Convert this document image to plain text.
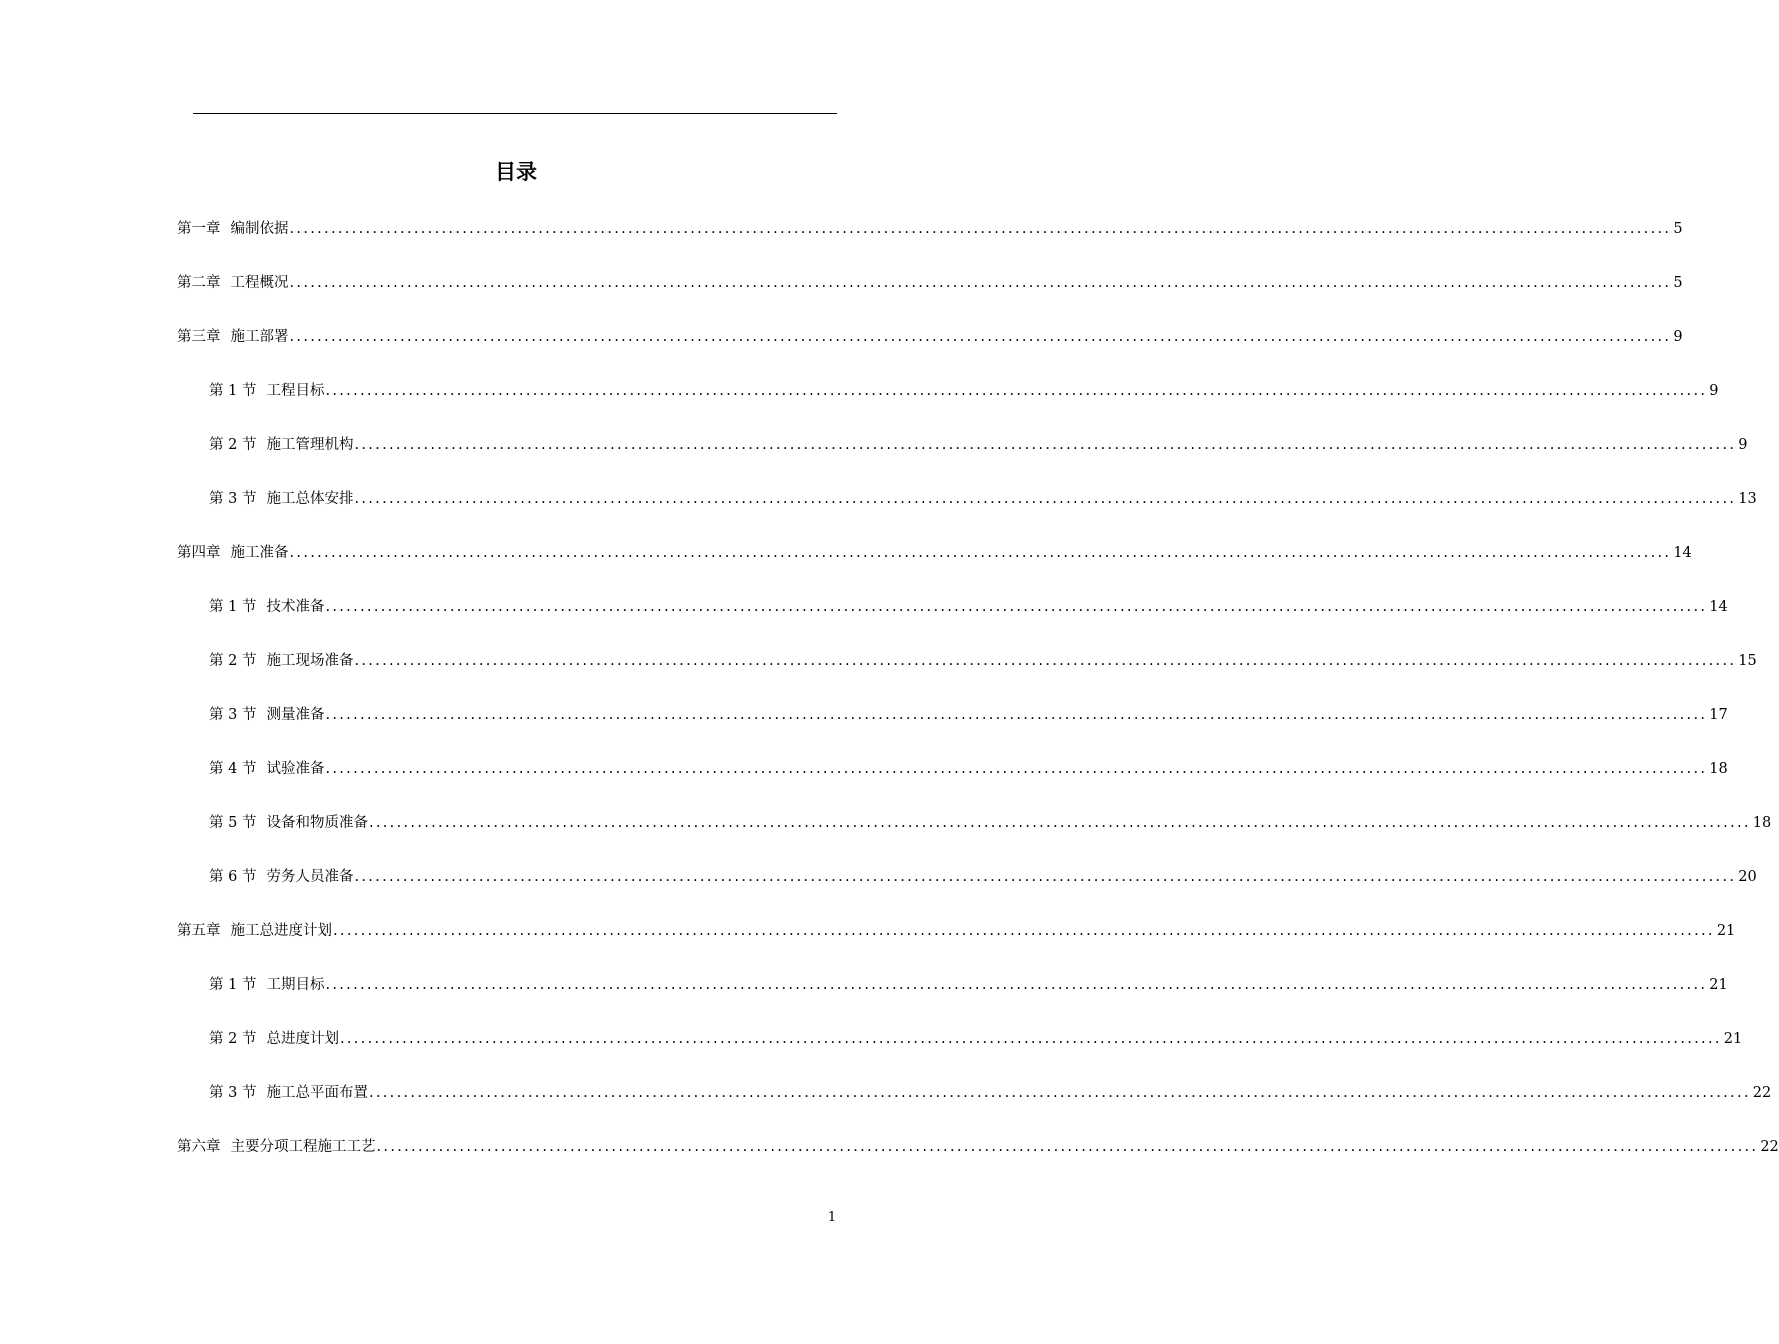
目录
第一章 编制依据 ........................................................................................................................................................................................................ 5
第二章 工程概况 ........................................................................................................................................................................................................ 5
第三章 施工部署 ........................................................................................................................................................................................................ 9
第 1 节 工程目标 ........................................................................................................................................................................................................ 9
第 2 节 施工管理机构 ........................................................................................................................................................................................................ 9
第 3 节 施工总体安排 ........................................................................................................................................................................................................ 13
第四章 施工准备 ........................................................................................................................................................................................................ 14
第 1 节 技术准备 ........................................................................................................................................................................................................ 14
第 2 节 施工现场准备 ........................................................................................................................................................................................................ 15
第 3 节 测量准备 ........................................................................................................................................................................................................ 17
第 4 节 试验准备 ........................................................................................................................................................................................................ 18
第 5 节 设备和物质准备 ........................................................................................................................................................................................................ 18
第 6 节 劳务人员准备 ........................................................................................................................................................................................................ 20
第五章 施工总进度计划 ........................................................................................................................................................................................................ 21
第 1 节 工期目标 ........................................................................................................................................................................................................ 21
第 2 节 总进度计划 ........................................................................................................................................................................................................ 21
第 3 节 施工总平面布置 ........................................................................................................................................................................................................ 22
第六章 主要分项工程施工工艺 ........................................................................................................................................................................................................ 22
1
